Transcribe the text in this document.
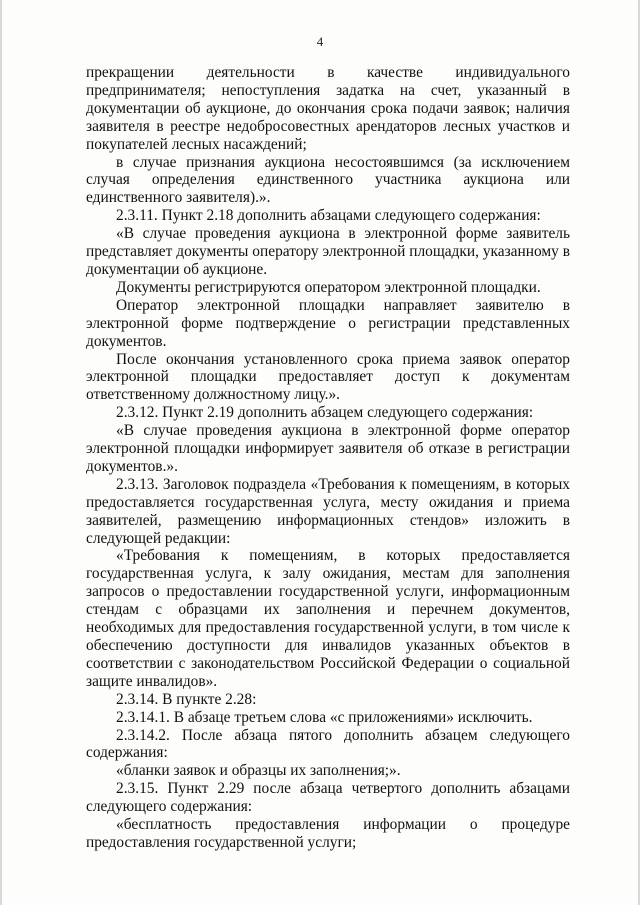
4

прекращении деятельности в качестве индивидуального предпринимателя; непоступления задатка на счет, указанный в документации об аукционе, до окончания срока подачи заявок; наличия заявителя в реестре недобросовестных арендаторов лесных участков и покупателей лесных насаждений;

в случае признания аукциона несостоявшимся (за исключением случая определения единственного участника аукциона или единственного заявителя).».

2.3.11. Пункт 2.18 дополнить абзацами следующего содержания:

«В случае проведения аукциона в электронной форме заявитель представляет документы оператору электронной площадки, указанному в документации об аукционе.

Документы регистрируются оператором электронной площадки.

Оператор электронной площадки направляет заявителю в электронной форме подтверждение о регистрации представленных документов.

После окончания установленного срока приема заявок оператор электронной площадки предоставляет доступ к документам ответственному должностному лицу.».

2.3.12. Пункт 2.19 дополнить абзацем следующего содержания:

«В случае проведения аукциона в электронной форме оператор электронной площадки информирует заявителя об отказе в регистрации документов.».

2.3.13. Заголовок подраздела «Требования к помещениям, в которых предоставляется государственная услуга, месту ожидания и приема заявителей, размещению информационных стендов» изложить в следующей редакции:

«Требования к помещениям, в которых предоставляется государственная услуга, к залу ожидания, местам для заполнения запросов о предоставлении государственной услуги, информационным стендам с образцами их заполнения и перечнем документов, необходимых для предоставления государственной услуги, в том числе к обеспечению доступности для инвалидов указанных объектов в соответствии с законодательством Российской Федерации о социальной защите инвалидов».

2.3.14. В пункте 2.28:

2.3.14.1. В абзаце третьем слова «с приложениями» исключить.

2.3.14.2. После абзаца пятого дополнить абзацем следующего содержания:

«бланки заявок и образцы их заполнения;».

2.3.15. Пункт 2.29 после абзаца четвертого дополнить абзацами следующего содержания:

«бесплатность предоставления информации о процедуре предоставления государственной услуги;
